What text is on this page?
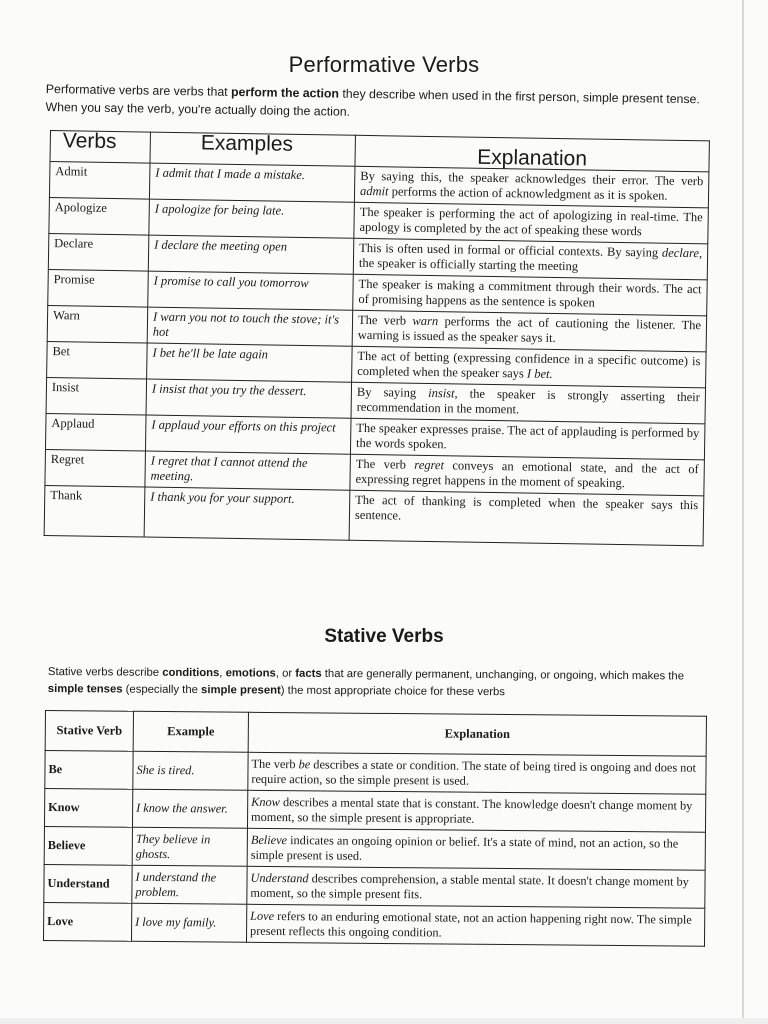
Performative Verbs

Performative verbs are verbs that perform the action they describe when used in the first person, simple present tense. When you say the verb, you're actually doing the action.

Verbs	Examples	Explanation
Admit	I admit that I made a mistake.	By saying this, the speaker acknowledges their error. The verb admit performs the action of acknowledgment as it is spoken.
Apologize	I apologize for being late.	The speaker is performing the act of apologizing in real-time. The apology is completed by the act of speaking these words
Declare	I declare the meeting open	This is often used in formal or official contexts. By saying declare, the speaker is officially starting the meeting
Promise	I promise to call you tomorrow	The speaker is making a commitment through their words. The act of promising happens as the sentence is spoken
Warn	I warn you not to touch the stove; it's hot	The verb warn performs the act of cautioning the listener. The warning is issued as the speaker says it.
Bet	I bet he'll be late again	The act of betting (expressing confidence in a specific outcome) is completed when the speaker says I bet.
Insist	I insist that you try the dessert.	By saying insist, the speaker is strongly asserting their recommendation in the moment.
Applaud	I applaud your efforts on this project	The speaker expresses praise. The act of applauding is performed by the words spoken.
Regret	I regret that I cannot attend the meeting.	The verb regret conveys an emotional state, and the act of expressing regret happens in the moment of speaking.
Thank	I thank you for your support.	The act of thanking is completed when the speaker says this sentence.
Stative Verbs

Stative verbs describe conditions, emotions, or facts that are generally permanent, unchanging, or ongoing, which makes the simple tenses (especially the simple present) the most appropriate choice for these verbs

Stative Verb	Example	Explanation
Be	She is tired.	The verb be describes a state or condition. The state of being tired is ongoing and does not require action, so the simple present is used.
Know	I know the answer.	Know describes a mental state that is constant. The knowledge doesn't change moment by moment, so the simple present is appropriate.
Believe	They believe in ghosts.	Believe indicates an ongoing opinion or belief. It's a state of mind, not an action, so the simple present is used.
Understand	I understand the problem.	Understand describes comprehension, a stable mental state. It doesn't change moment by moment, so the simple present fits.
Love	I love my family.	Love refers to an enduring emotional state, not an action happening right now. The simple present reflects this ongoing condition.
